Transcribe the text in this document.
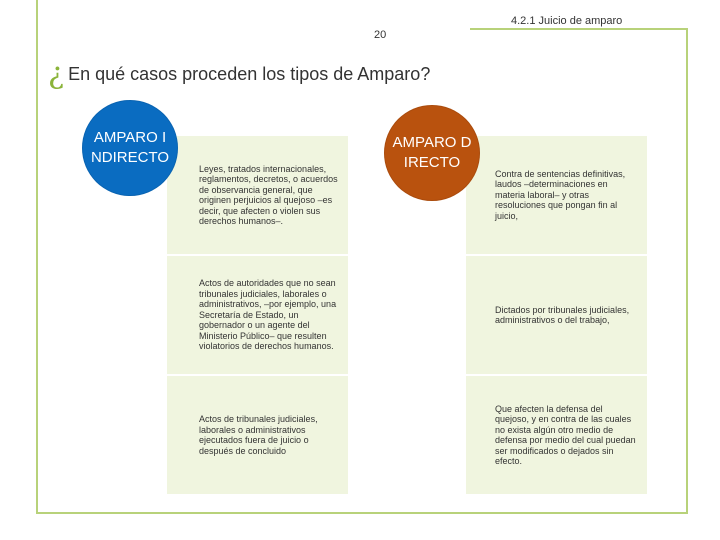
4.2.1 Juicio de amparo
20
¿ En qué casos proceden los tipos de Amparo?
Leyes, tratados internacionales, reglamentos, decretos, o acuerdos de observancia general, que originen perjuicios al quejoso –es decir, que afecten o violen sus derechos humanos–.
Actos de autoridades que no sean tribunales judiciales, laborales o administrativos, –por ejemplo, una Secretaría de Estado, un gobernador o un agente del Ministerio Público– que resulten violatorios de derechos humanos.
Actos de tribunales judiciales, laborales o administrativos ejecutados fuera de juicio o después de concluido
Contra de sentencias definitivas, laudos –determinaciones en materia laboral– y otras resoluciones que pongan fin al juicio,
Dictados por tribunales judiciales, administrativos o del trabajo,
Que afecten la defensa del quejoso, y en contra de las cuales no exista algún otro medio de defensa por medio del cual puedan ser modificados o dejados sin efecto.
AMPARO INDIRECTO
AMPARO DIRECTO
